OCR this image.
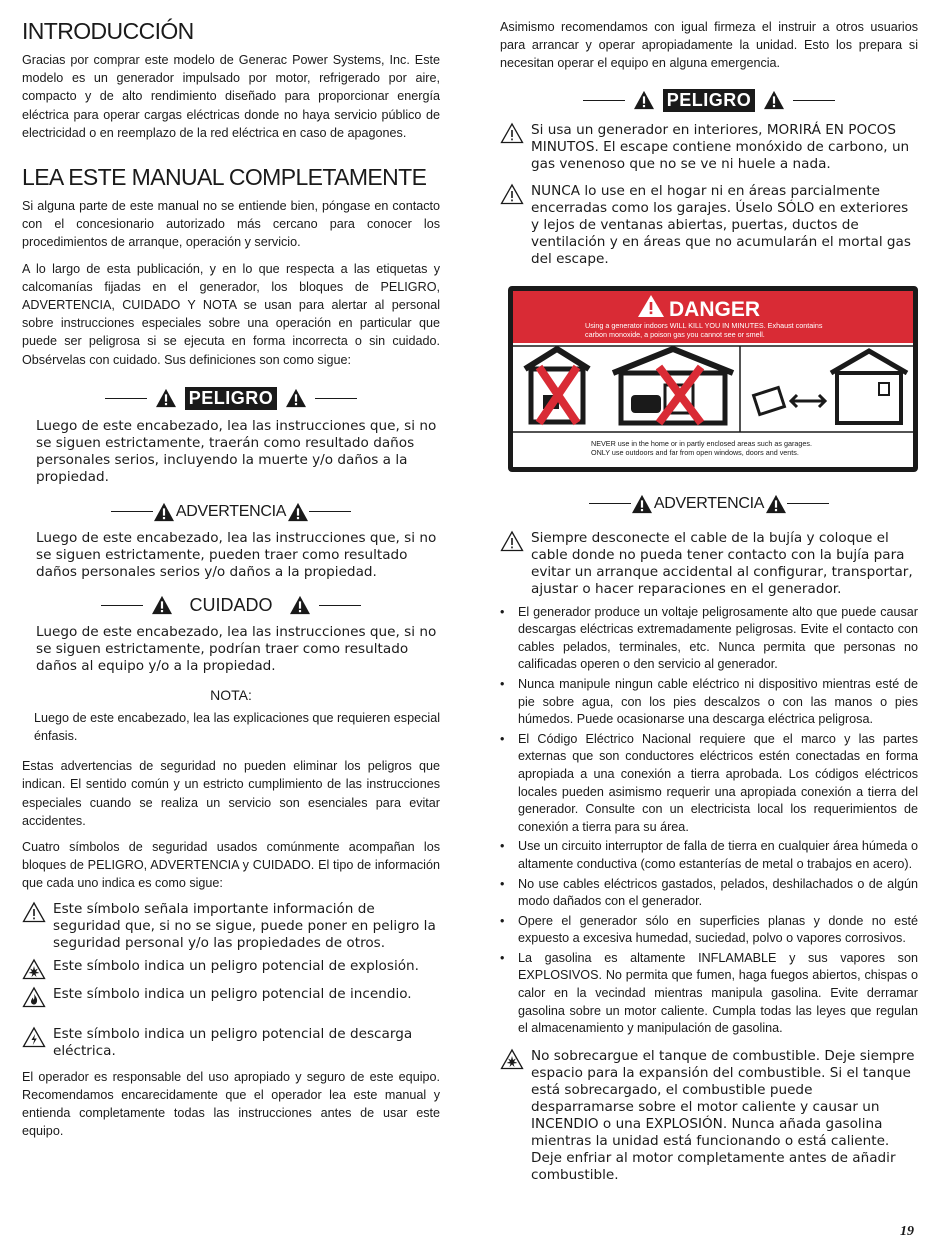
INTRODUCCIÓN

Gracias por comprar este modelo de Generac Power Systems, Inc. Este modelo es un generador impulsado por motor, refrigerado por aire, compacto y de alto rendimiento diseñado para proporcionar energía eléctrica para operar cargas eléctricas donde no haya servicio público de electricidad o en reemplazo de la red eléctrica en caso de apagones.

LEA ESTE MANUAL COMPLETAMENTE

Si alguna parte de este manual no se entiende bien, póngase en contacto con el concesionario autorizado más cercano para conocer los procedimientos de arranque, operación y servicio.

A lo largo de esta publicación, y en lo que respecta a las etiquetas y calcomanías fijadas en el generador, los bloques de PELIGRO, ADVERTENCIA, CUIDADO Y NOTA se usan para alertar al personal sobre instrucciones especiales sobre una operación en particular que puede ser peligrosa si se ejecuta en forma incorrecta o sin cuidado. Obsérvelas con cuidado. Sus definiciones son como sigue:

PELIGRO

Luego de este encabezado, lea las instrucciones que, si no se siguen estrictamente, traerán como resultado daños personales serios, incluyendo la muerte y/o daños a la propiedad.

ADVERTENCIA

Luego de este encabezado, lea las instrucciones que, si no se siguen estrictamente, pueden traer como resultado daños personales serios y/o daños a la propiedad.

CUIDADO

Luego de este encabezado, lea las instrucciones que, si no se siguen estrictamente, podrían traer como resultado daños al equipo y/o a la propiedad.

NOTA:

Luego de este encabezado, lea las explicaciones que requieren especial énfasis.

Estas advertencias de seguridad no pueden eliminar los peligros que indican. El sentido común y un estricto cumplimiento de las instrucciones especiales cuando se realiza un servicio son esenciales para evitar accidentes.

Cuatro símbolos de seguridad usados comúnmente acompañan los bloques de PELIGRO, ADVERTENCIA y CUIDADO. El tipo de información que cada uno indica es como sigue:

Este símbolo señala importante información de seguridad que, si no se sigue, puede poner en peligro la seguridad personal y/o las propiedades de otros.

Este símbolo indica un peligro potencial de explosión.

Este símbolo indica un peligro potencial de incendio.

Este símbolo indica un peligro potencial de descarga eléctrica.

El operador es responsable del uso apropiado y seguro de este equipo. Recomendamos encarecidamente que el operador lea este manual y entienda completamente todas las instrucciones antes de usar este equipo.

Asimismo recomendamos con igual firmeza el instruir a otros usuarios para arrancar y operar apropiadamente la unidad. Esto los prepara si necesitan operar el equipo en alguna emergencia.

PELIGRO

Si usa un generador en interiores, MORIRÁ EN POCOS MINUTOS. El escape contiene monóxido de carbono, un gas venenoso que no se ve ni huele a nada.

NUNCA lo use en el hogar ni en áreas parcialmente encerradas como los garajes. Úselo SÓLO en exteriores y lejos de ventanas abiertas, puertas, ductos de ventilación y en áreas que no acumularán el mortal gas del escape.

DANGER
Using a generator indoors WILL KILL YOU IN MINUTES. Exhaust contains
carbon monoxide, a poison gas you cannot see or smell.
NEVER use in the home or in partly enclosed areas such as garages.
ONLY use outdoors and far from open windows, doors and vents.
ADVERTENCIA

Siempre desconecte el cable de la bujía y coloque el cable donde no pueda tener contacto con la bujía para evitar un arranque accidental al configurar, transportar, ajustar o hacer reparaciones en el generador.

• El generador produce un voltaje peligrosamente alto que puede causar descargas eléctricas extremadamente peligrosas. Evite el contacto con cables pelados, terminales, etc. Nunca permita que personas no calificadas operen o den servicio al generador.
• Nunca manipule ningun cable eléctrico ni dispositivo mientras esté de pie sobre agua, con los pies descalzos o con las manos o pies húmedos. Puede ocasionarse una descarga eléctrica peligrosa.
• El Código Eléctrico Nacional requiere que el marco y las partes externas que son conductores eléctricos estén conectadas en forma apropiada a una conexión a tierra aprobada. Los códigos eléctricos locales pueden asimismo requerir una apropiada conexión a tierra del generador. Consulte con un electricista local los requerimientos de conexión a tierra para su área.
• Use un circuito interruptor de falla de tierra en cualquier área húmeda o altamente conductiva (como estanterías de metal o trabajos en acero).
• No use cables eléctricos gastados, pelados, deshilachados o de algún modo dañados con el generador.
• Opere el generador sólo en superficies planas y donde no esté expuesto a excesiva humedad, suciedad, polvo o vapores corrosivos.
• La gasolina es altamente INFLAMABLE y sus vapores son EXPLOSIVOS. No permita que fumen, haga fuegos abiertos, chispas o calor en la vecindad mientras manipula gasolina. Evite derramar gasolina sobre un motor caliente. Cumpla todas las leyes que regulan el almacenamiento y manipulación de gasolina.

No sobrecargue el tanque de combustible. Deje siempre espacio para la expansión del combustible. Si el tanque está sobrecargado, el combustible puede desparramarse sobre el motor caliente y causar un INCENDIO o una EXPLOSIÓN. Nunca añada gasolina mientras la unidad está funcionando o está caliente. Deje enfriar al motor completamente antes de añadir combustible.

19
